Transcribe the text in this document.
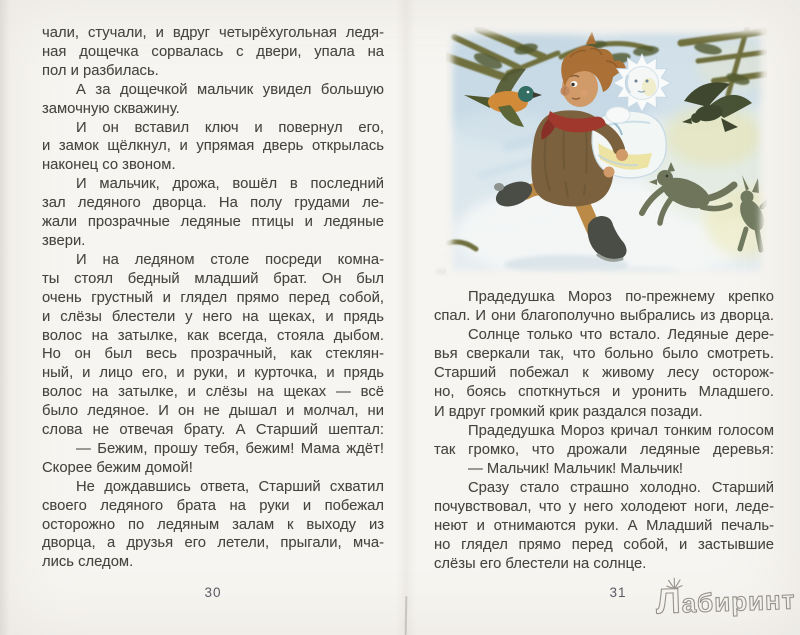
чали, стучали, и вдруг четырёхугольная ледя-
ная дощечка сорвалась с двери, упала на
пол и разбилась.
А за дощечкой мальчик увидел большую
замочную скважину.
И он вставил ключ и повернул его,
и замок щёлкнул, и упрямая дверь открылась
наконец со звоном.
И мальчик, дрожа, вошёл в последний
зал ледяного дворца. На полу грудами ле-
жали прозрачные ледяные птицы и ледяные
звери.
И на ледяном столе посреди комна-
ты стоял бедный младший брат. Он был
очень грустный и глядел прямо перед собой,
и слёзы блестели у него на щеках, и прядь
волос на затылке, как всегда, стояла дыбом.
Но он был весь прозрачный, как стеклян-
ный, и лицо его, и руки, и курточка, и прядь
волос на затылке, и слёзы на щеках — всё
было ледяное. И он не дышал и молчал, ни
слова не отвечая брату. А Старший шептал:
— Бежим, прошу тебя, бежим! Мама ждёт!
Скорее бежим домой!
Не дождавшись ответа, Старший схватил
своего ледяного брата на руки и побежал
осторожно по ледяным залам к выходу из
дворца, а друзья его летели, прыгали, мча-
лись следом.
30
Прадедушка Мороз по-прежнему крепко
спал. И они благополучно выбрались из дворца.
Солнце только что встало. Ледяные дере-
вья сверкали так, что больно было смотреть.
Старший побежал к живому лесу осторож-
но, боясь споткнуться и уронить Младшего.
И вдруг громкий крик раздался позади.
Прадедушка Мороз кричал тонким голосом
так громко, что дрожали ледяные деревья:
— Мальчик! Мальчик! Мальчик!
Сразу стало страшно холодно. Старший
почувствовал, что у него холодеют ноги, леде-
неют и отнимаются руки. А Младший печаль-
но глядел прямо перед собой, и застывшие
слёзы его блестели на солнце.
31 Л
абиринт
